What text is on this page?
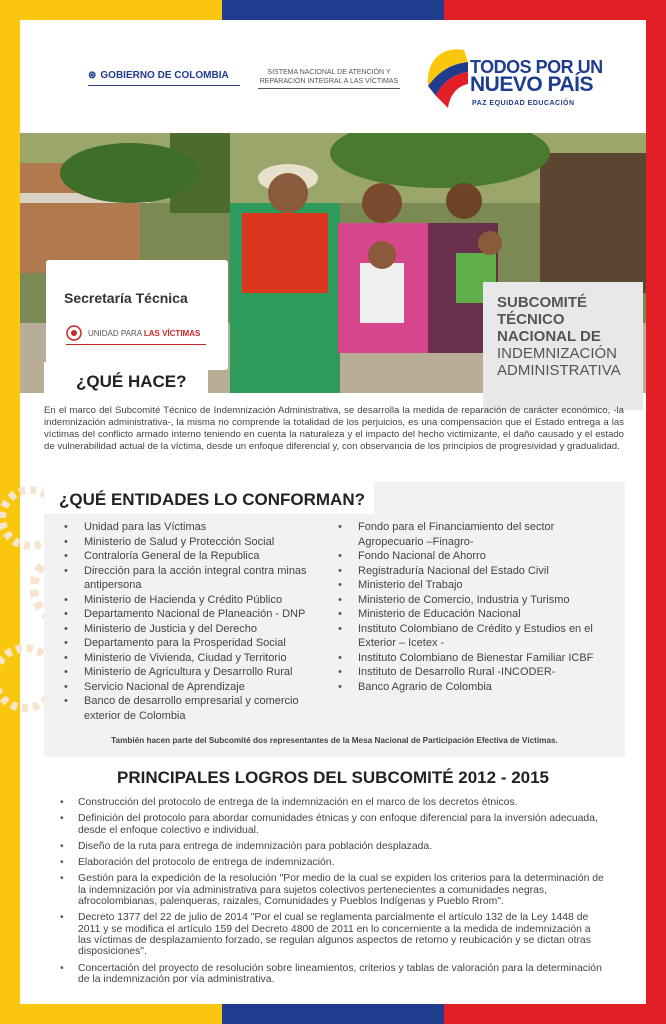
⊛ GOBIERNO DE COLOMBIA	SISTEMA NACIONAL DE ATENCIÓN Y REPARACIÓN INTEGRAL A LAS VÍCTIMAS
TODOS POR UN
NUEVO PAÍS
PAZ EQUIDAD EDUCACIÓN
Secretaría Técnica
UNIDAD PARA LAS VÍCTIMAS
SUBCOMITÉ
TÉCNICO
NACIONAL DE
INDEMNIZACIÓN
ADMINISTRATIVA
¿QUÉ HACE?
En el marco del Subcomité Técnico de Indemnización Administrativa, se desarrolla la medida de reparación de carácter económico, -la indemnización administrativa-, la misma no comprende la totalidad de los perjuicios, es una compensación que el Estado entrega a las víctimas del conflicto armado interno teniendo en cuenta la naturaleza y el impacto del hecho victimizante, el daño causado y el estado de vulnerabilidad actual de la víctima, desde un enfoque diferencial y, con observancia de los principios de progresividad y gradualidad.
¿QUÉ ENTIDADES LO CONFORMAN?
• Unidad para las Víctimas
• Ministerio de Salud y Protección Social
• Contraloría General de la Republica
• Dirección para la acción integral contra minas antipersona
• Ministerio de Hacienda y Crédito Público
• Departamento Nacional de Planeación - DNP
• Ministerio de Justicia y del Derecho
• Departamento para la Prosperidad Social
• Ministerio de Vivienda, Ciudad y Territorio
• Ministerio de Agricultura y Desarrollo Rural
• Servicio Nacional de Aprendizaje
• Banco de desarrollo empresarial y comercio exterior de Colombia
• Fondo para el Financiamiento del sector Agropecuario –Finagro-
• Fondo Nacional de Ahorro
• Registraduría Nacional del Estado Civil
• Ministerio del Trabajo
• Ministerio de Comercio, Industria y Turismo
• Ministerio de Educación Nacional
• Instituto Colombiano de Crédito y Estudios en el Exterior – Icetex -
• Instituto Colombiano de Bienestar Familiar ICBF
• Instituto de Desarrollo Rural -INCODER-
• Banco Agrario de Colombia
También hacen parte del Subcomité dos representantes de la Mesa Nacional de Participación Efectiva de Víctimas.
PRINCIPALES LOGROS DEL SUBCOMITÉ 2012 - 2015
• Construcción del protocolo de entrega de la indemnización en el marco de los decretos étnicos.
• Definición del protocolo para abordar comunidades étnicas y con enfoque diferencial para la inversión adecuada, desde el enfoque colectivo e individual.
• Diseño de la ruta para entrega de indemnización para población desplazada.
• Elaboración del protocolo de entrega de indemnización.
• Gestión para la expedición de la resolución "Por medio de la cual se expiden los criterios para la determinación de la indemnización por vía administrativa para sujetos colectivos pertenecientes a comunidades negras, afrocolombianas, palenqueras, raizales, Comunidades y Pueblos Indígenas y Pueblo Rrom".
• Decreto 1377 del 22 de julio de 2014 "Por el cual se reglamenta parcialmente el artículo 132 de la Ley 1448 de 2011 y se modifica el artículo 159 del Decreto 4800 de 2011 en lo concerniente a la medida de indemnización a las víctimas de desplazamiento forzado, se regulan algunos aspectos de retorno y reubicación y se dictan otras disposiciones".
• Concertación del proyecto de resolución sobre lineamientos, criterios y tablas de valoración para la determinación de la indemnización por vía administrativa.
